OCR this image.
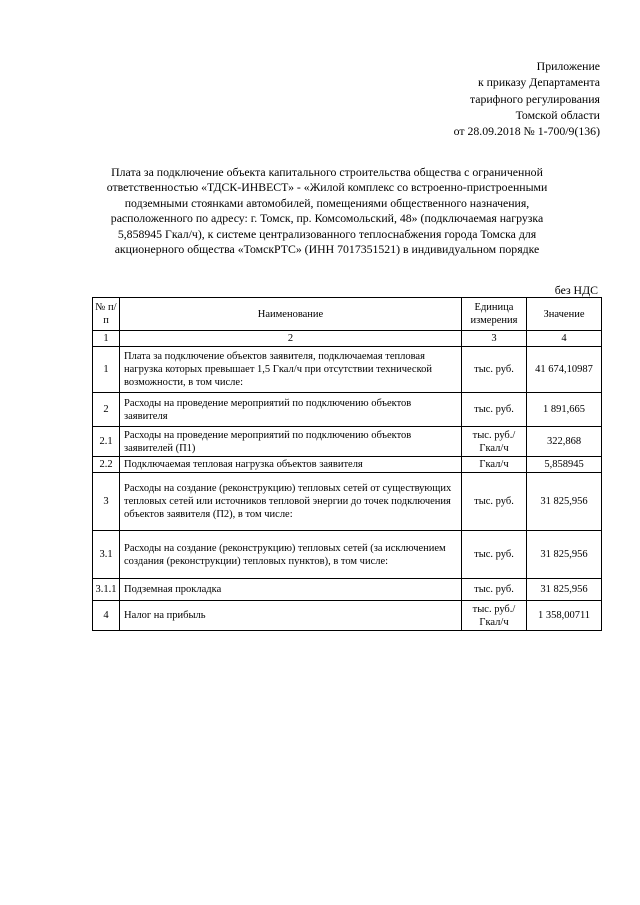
Приложение
к приказу Департамента
тарифного регулирования
Томской области
от 28.09.2018 № 1-700/9(136)
Плата за подключение объекта капитального строительства общества с ограниченной
ответственностью «ТДСК-ИНВЕСТ» - «Жилой комплекс со встроенно-пристроенными
подземными стоянками автомобилей, помещениями общественного назначения,
расположенного по адресу: г. Томск, пр. Комсомольский, 48» (подключаемая нагрузка
5,858945 Гкал/ч), к системе централизованного теплоснабжения города Томска для
акционерного общества «ТомскРТС» (ИНН 7017351521) в индивидуальном порядке
без НДС
№ п/п	Наименование	Единица измерения	Значение
1	2	3	4
1	Плата за подключение объектов заявителя, подключаемая тепловая нагрузка которых превышает 1,5 Гкал/ч при отсутствии технической возможности, в том числе:	тыс. руб.	41 674,10987
2	Расходы на проведение мероприятий по подключению объектов заявителя	тыс. руб.	1 891,665
2.1	Расходы на проведение мероприятий по подключению объектов заявителей (П1)	тыс. руб./ Гкал/ч	322,868
2.2	Подключаемая тепловая нагрузка объектов заявителя	Гкал/ч	5,858945
3	Расходы на создание (реконструкцию) тепловых сетей от существующих тепловых сетей или источников тепловой энергии до точек подключения объектов заявителя (П2), в том числе:	тыс. руб.	31 825,956
3.1	Расходы на создание (реконструкцию) тепловых сетей (за исключением создания (реконструкции) тепловых пунктов), в том числе:	тыс. руб.	31 825,956
3.1.1	Подземная прокладка	тыс. руб.	31 825,956
4	Налог на прибыль	тыс. руб./ Гкал/ч	1 358,00711
